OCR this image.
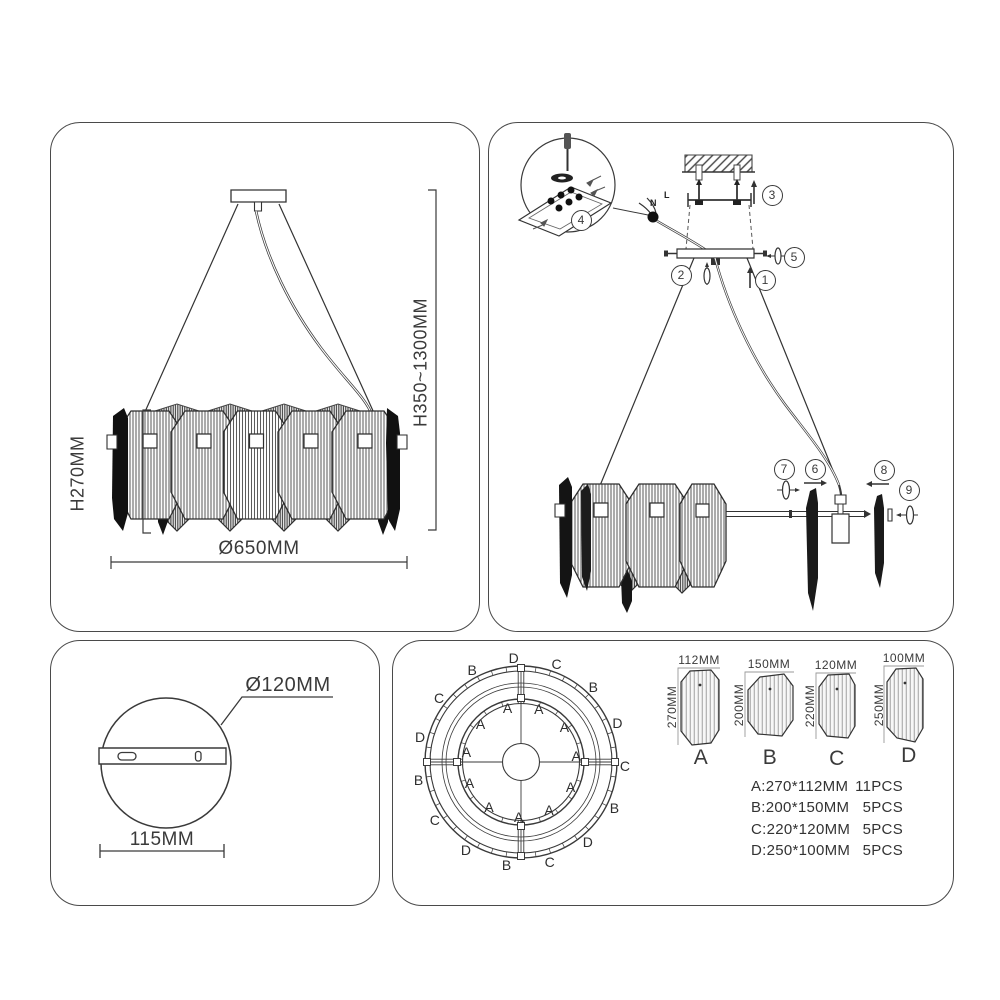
H270MM
H350~1300MM
Ø650MM
1
2
3
4
5
6
7	8
9
N
L
Ø120MM
115MM
D C
B
D
C
B
D
C
B
D
C
B
D
C
B
A A
A
A
A
A
A
A
A
A
A
112MM
270MM
A
150MM
200MM
B
120MM
220MM
C
100MM
250MM
D
A:270*112MM 11PCS
B:200*150MM 5PCS
C:220*120MM 5PCS
D:250*100MM 5PCS
